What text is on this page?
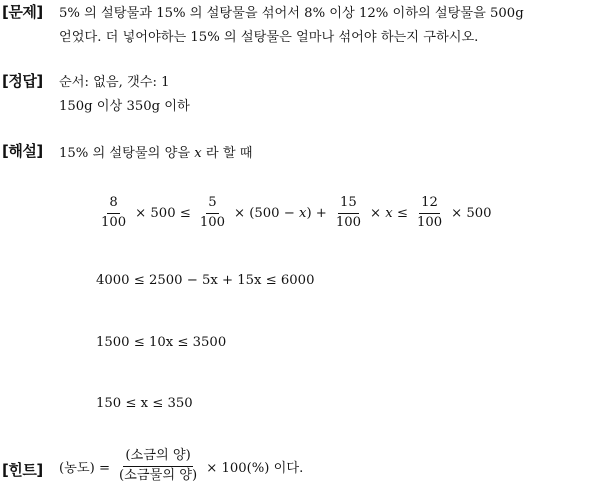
[문제] 5% 의 설탕물과 15% 의 설탕물을 섞어서 8% 이상 12% 이하의 설탕물을 500g
얻었다. 더 넣어야하는 15% 의 설탕물은 얼마나 섞어야 하는지 구하시오.
[정답] 순서: 없음, 갯수: 1
150g 이상 350g 이하
[해설] 15% 의 설탕물의 양을 x 라 할 때
$\frac{8}{100} \times 500 \le \frac{5}{100} \times (500 - x) + \frac{15}{100} \times x \le \frac{12}{100} \times 500$
4000 ≤ 2500 − 5x + 15x ≤ 6000
1500 ≤ 10x ≤ 3500
150 ≤ x ≤ 350
[힌트] (농도) = $\frac{\text{(소금의 양)}}{\text{(소금물의 양)}} \times 100(\%)$ 이다.
